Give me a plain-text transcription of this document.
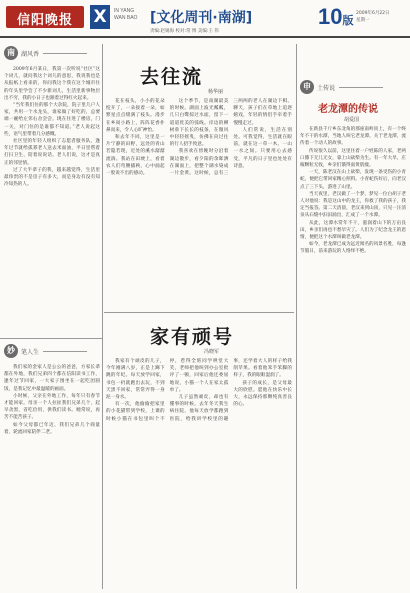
信阳晚报	X	IN YANG
WAN BAO [文化周刊·南湖]	10版
2009年6月22日
星期一
责编:赵锡海 校对:常 博 美编:王 伟
南	湖风香

2009年6月某日，我第一次听说“社区”这个词儿，就问我这个词儿的意思，我说我也是从报纸上看来的，你问我这个我在这个城市住的年头里学会了不少新词儿，生活里新事物层出不穷，我的小日子也跟着过得红火起来。

“当年我们住的那个大杂院，院子里几户人家，共用一个水龙头，谁家做了好吃的，总要端一碗给左邻右舍尝尝。现在住进了楼房，门一关，对门住的是谁都不知道。”老人说起这些，语气里带着几分感慨。

社区里的年轻人组织了志愿者服务队，逢年过节就给孤寡老人送去米面油，平日里帮着打扫卫生、陪着说说话。老人们说，这才是真正的邻里情。

过了大半辈子的我，越来越觉得，生活里最珍贵的不是房子有多大，而是身边有没有知冷知热的人。

妙	笔人生

我们家的金家人是公公的爸爸，方家长辈都在外地，我们兄弟四个都在信阳读书工作，逢年过节回家，一大家子围坐在一起吃团圆饭，是我记忆中最温暖的画面。

小时候，父亲在外地工作，每年只有春节才能回家。母亲一个人拉扯我们兄弟几个，起早贪黑，省吃俭用，供我们读书。她常说，再苦不能苦孩子。

如今父母都已年迈，我们兄弟几个商量着，轮流回家陪伴二老。

去往流
杨华丽

花在枝头，小小的花朵绽开了，一朵接着一朵，如繁星点点缀满了枝头。漫步在乡间小路上，阵阵花香扑鼻而来，令人心旷神怡。

和去年不同，这里是一片宁静的田野，远处的青山若隐若现，近处的溪水潺潺流淌。我站在田埂上，看着农人们弯腰插秧，心中涌起一股说不出的感动。

这个季节，是南湖最美的时候。湖面上波光粼粼，几只白鹭掠过水面，留下一道道优美的弧线。岸边的柳树垂下长长的枝条，在微风中轻轻摇曳，仿佛在向过往的行人招手致意。

我喜欢在傍晚时分沿着湖边散步，看夕阳的余晖洒在湖面上，把整个湖水染成一片金黄。这时候，总有三三两两的老人在湖边下棋、聊天，孩子们在草地上追逐嬉戏，年轻的情侣手牵着手慢慢走过。

人们常说，生活在别处。可我觉得，生活就在眼前，就在这一草一木、一山一水之间。只要用心去感受，平凡的日子里也处处有诗意。

家有顽号
冯晓军

我家有个顽皮的儿子，今年刚满八岁，正是上蹿下跳的年纪。每天放学回家，书包一扔就跑出去玩，不到天黑不回家，常常弄得一身泥一身水。

有一次，他偷偷把家里的小花猫带到学校，上课的时候小猫在书包里叫个不停，惹得全班同学哄堂大笑，老师把他叫到办公室批评了一顿，回家后他还委屈地说，小猫一个人在家太孤单了。

儿子虽然顽皮，却也有懂事的时候。去年冬天我生病住院，他每天放学都跑到医院，给我讲学校里的趣事，还学着大人的样子给我削苹果。看着他笨手笨脚的样子，我的眼眶湿润了。

孩子的成长，是父母最大的欣慰。愿他在快乐中长大，永远保持那颗纯真善良的心。

申	土传说
老龙潭的传说
胡爱国

在新县千斤乡东北角的那座南岭顶上，有一个终年不干的水潭，当地人叫它老龙潭。关于老龙潭，流传着一个动人的故事。

传说很久以前，这里住着一户姓陈的人家，老两口膝下无儿无女，靠上山砍柴为生。有一年大旱，庄稼颗粒无收，乡亲们饿得面黄肌瘦。

一天，陈老汉在山上砍柴，发现一条受伤的小青蛇，便把它带回家精心照料。小青蛇伤好后，向老汉点了三下头，游进了山里。

当天夜里，老汉做了一个梦，梦见一位白胡子老人对他说：我是这山中的龙王，你救了我的孩子，我定当报答。第二天清晨，老汉来到山顶，只见一汪清泉从石缝中汩汩涌出，汇成了一个水潭。

从此，这潭水常年不干，滋润着山下的万亩良田，乡亲们再也不愁旱灾了。人们为了纪念龙王的恩情，便把这个水潭叫做老龙潭。

如今，老龙潭已成为远近闻名的风景名胜，每逢节假日，前来游玩的人络绎不绝。
